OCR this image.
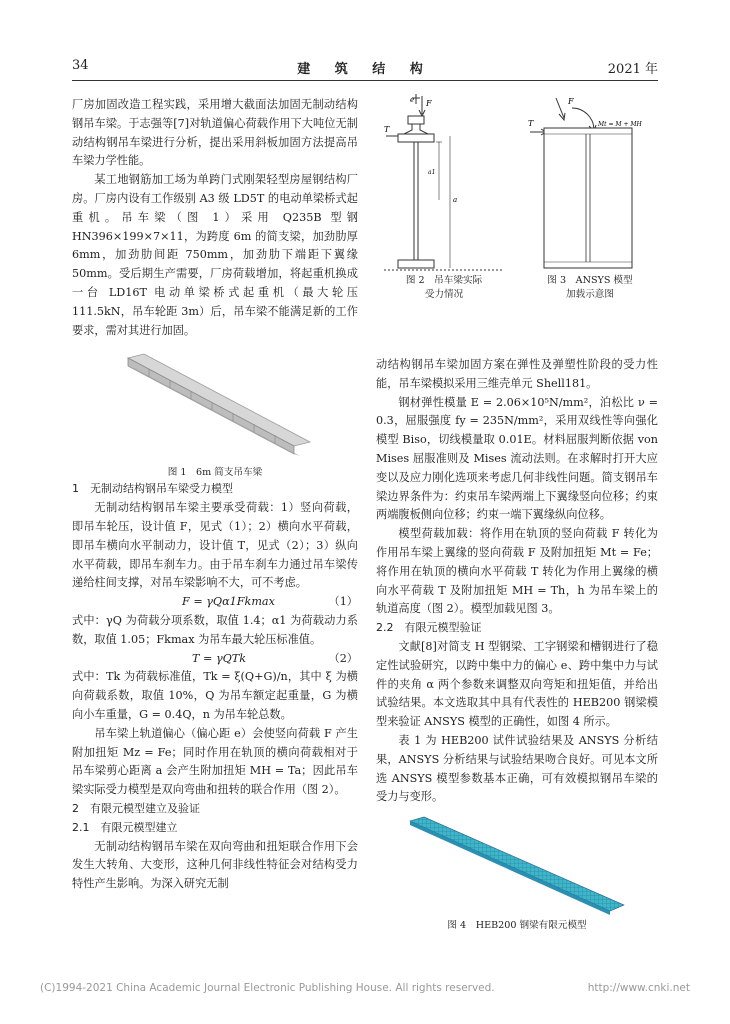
34	建 筑 结 构	2021 年

厂房加固改造工程实践，采用增大截面法加固无制动结构钢吊车梁。于志强等[7]对轨道偏心荷载作用下大吨位无制动结构钢吊车梁进行分析，提出采用斜板加固方法提高吊车梁力学性能。

某工地钢筋加工场为单跨门式刚架轻型房屋钢结构厂房。厂房内设有工作级别 A3 级 LD5T 的电动单梁桥式起重机。吊车梁（图 1）采用 Q235B 型钢 HN396×199×7×11，为跨度 6m 的简支梁，加劲肋厚 6mm，加劲肋间距 750mm，加劲肋下端距下翼缘 50mm。受后期生产需要，厂房荷载增加，将起重机换成一台 LD16T 电动单梁桥式起重机（最大轮压 111.5kN，吊车轮距 3m）后，吊车梁不能满足新的工作要求，需对其进行加固。

图 1　6m 简支吊车梁

1　无制动结构钢吊车梁受力模型

无制动结构钢吊车梁主要承受荷载：1）竖向荷载，即吊车轮压，设计值 F，见式（1）；2）横向水平荷载，即吊车横向水平制动力，设计值 T，见式（2）；3）纵向水平荷载，即吊车刹车力。由于吊车刹车力通过吊车梁传递给柱间支撑，对吊车梁影响不大，可不考虑。

F = γQα1Fkmax	（1）

式中：γQ 为荷载分项系数，取值 1.4；α1 为荷载动力系数，取值 1.05；Fkmax 为吊车最大轮压标准值。

T = γQTk	（2）

式中：Tk 为荷载标准值，Tk = ξ(Q+G)/n，其中 ξ 为横向荷载系数，取值 10%，Q 为吊车额定起重量，G 为横向小车重量，G = 0.4Q，n 为吊车轮总数。

吊车梁上轨道偏心（偏心距 e）会使竖向荷载 F 产生附加扭矩 Mz = Fe；同时作用在轨顶的横向荷载相对于吊车梁剪心距离 a 会产生附加扭矩 MH = Ta；因此吊车梁实际受力模型是双向弯曲和扭转的联合作用（图 2）。

2　有限元模型建立及验证

2.1　有限元模型建立

无制动结构钢吊车梁在双向弯曲和扭矩联合作用下会发生大转角、大变形，这种几何非线性特征会对结构受力特性产生影响。为深入研究无制

e F
T
a1
a
F
T	Mt = M + MH
图 2　吊车梁实际
受力情况
图 3　ANSYS 模型
加载示意图

动结构钢吊车梁加固方案在弹性及弹塑性阶段的受力性能，吊车梁模拟采用三维壳单元 Shell181。

钢材弹性模量 E = 2.06×10⁵N/mm²，泊松比 ν = 0.3，屈服强度 fy = 235N/mm²，采用双线性等向强化模型 Biso，切线模量取 0.01E。材料屈服判断依据 von Mises 屈服准则及 Mises 流动法则。在求解时打开大应变以及应力刚化选项来考虑几何非线性问题。简支钢吊车梁边界条件为：约束吊车梁两端上下翼缘竖向位移；约束两端腹板侧向位移；约束一端下翼缘纵向位移。

模型荷载加载：将作用在轨顶的竖向荷载 F 转化为作用吊车梁上翼缘的竖向荷载 F 及附加扭矩 Mt = Fe；将作用在轨顶的横向水平荷载 T 转化为作用上翼缘的横向水平荷载 T 及附加扭矩 MH = Th，h 为吊车梁上的轨道高度（图 2）。模型加载见图 3。

2.2　有限元模型验证

文献[8]对简支 H 型钢梁、工字钢梁和槽钢进行了稳定性试验研究，以跨中集中力的偏心 e、跨中集中力与试件的夹角 α 两个参数来调整双向弯矩和扭矩值，并给出试验结果。本文选取其中具有代表性的 HEB200 钢梁模型来验证 ANSYS 模型的正确性，如图 4 所示。

表 1 为 HEB200 试件试验结果及 ANSYS 分析结果，ANSYS 分析结果与试验结果吻合良好。可见本文所选 ANSYS 模型参数基本正确，可有效模拟钢吊车梁的受力与变形。

图 4　HEB200 钢梁有限元模型

(C)1994-2021 China Academic Journal Electronic Publishing House. All rights reserved.	http://www.cnki.net
